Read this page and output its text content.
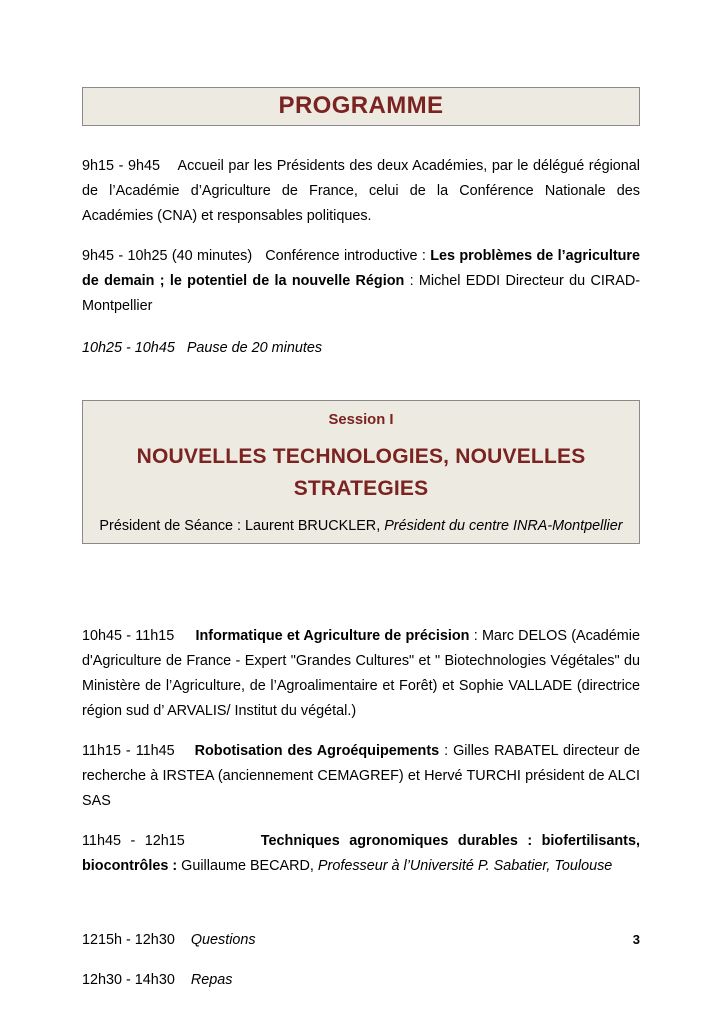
PROGRAMME

9h15 - 9h45 Accueil par les Présidents des deux Académies, par le délégué régional de l’Académie d’Agriculture de France, celui de la Conférence Nationale des Académies (CNA) et responsables politiques.

9h45 - 10h25 (40 minutes) Conférence introductive : Les problèmes de l’agriculture de demain ; le potentiel de la nouvelle Région : Michel EDDI Directeur du CIRAD-Montpellier

10h25 - 10h45 Pause de 20 minutes

Session I
NOUVELLES TECHNOLOGIES, NOUVELLES
STRATEGIES
Président de Séance : Laurent BRUCKLER, Président du centre INRA-Montpellier

10h45 - 11h15 Informatique et Agriculture de précision : Marc DELOS (Académie d'Agriculture de France - Expert "Grandes Cultures" et " Biotechnologies Végétales" du Ministère de l’Agriculture, de l’Agroalimentaire et Forêt) et Sophie VALLADE (directrice région sud d’ ARVALIS/ Institut du végétal.)

11h15 - 11h45 Robotisation des Agroéquipements : Gilles RABATEL directeur de recherche à IRSTEA (anciennement CEMAGREF) et Hervé TURCHI président de ALCI SAS

11h45 - 12h15	Techniques agronomiques durables : biofertilisants, biocontrôles : Guillaume BECARD, Professeur à l’Université P. Sabatier, Toulouse

1215h - 12h30 Questions

12h30 - 14h30 Repas

3
